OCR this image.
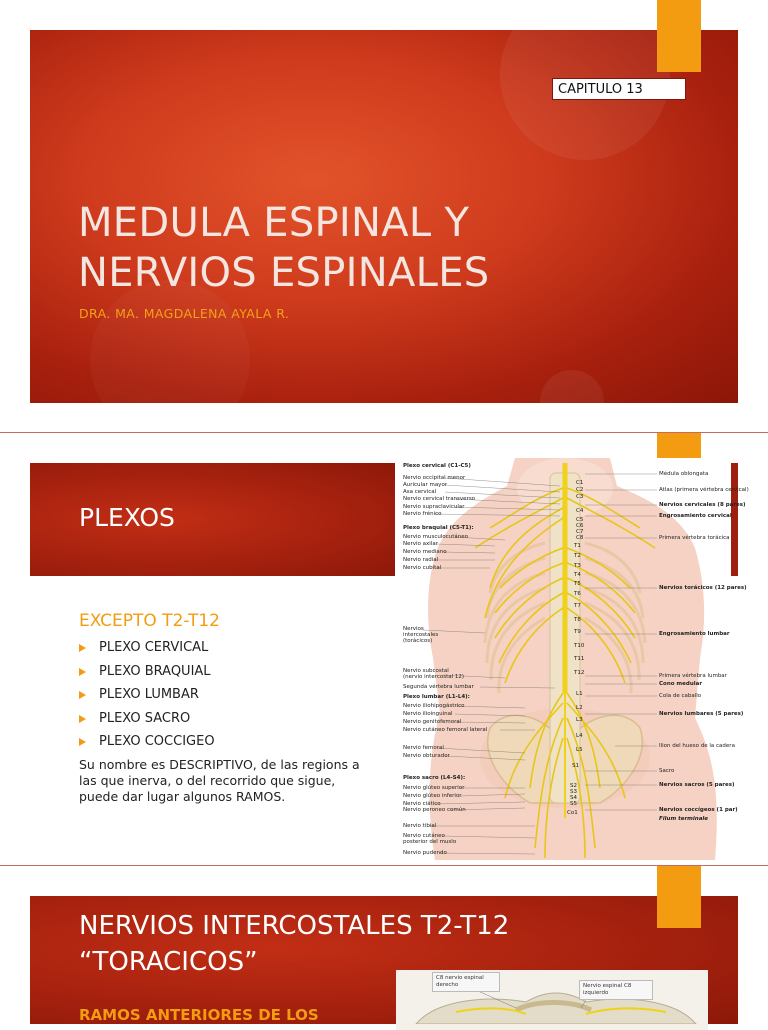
CAPITULO 13
MEDULA ESPINAL Y
NERVIOS ESPINALES
DRA. MA. MAGDALENA AYALA R.
PLEXOS
EXCEPTO T2-T12
PLEXO CERVICAL
PLEXO BRAQUIAL
PLEXO LUMBAR
PLEXO SACRO
PLEXO COCCIGEO
Su nombre es DESCRIPTIVO, de las regions a las que inerva, o del recorrido que sigue, puede dar lugar algunos RAMOS.
Plexo cervical (C1-C5)
Nervio occipital menor
Auricular mayor
Asa cervical
Nervio cervical transverso
Nervio supraclavicular
Nervio frénico
Plexo braquial (C5-T1):
Nervio musculocutáneo
Nervio axilar
Nervio mediano
Nervio radial
Nervio cubital
Nervios
intercostales
(torácicos)
Nervio subcostal
(nervio intercostal 12)
Segunda vértebra lumbar
Plexo lumbar (L1-L4):
Nervio iliohipogástrico
Nervio ilioinguinal
Nervio genitofemoral
Nervio cutáneo femoral lateral
Nervio femoral
Nervio obturador
Plexo sacro (L4-S4):
Nervio glúteo superior
Nervio glúteo inferior
Nervio ciático
Nervio peroneo común
Nervio tibial
Nervio cutáneo
posterior del muslo
Nervio pudendo
Médula oblongata
Atlas (primera vértebra cervical)
Nervios cervicales (8 pares)
Engrosamiento cervical
Primera vértebra torácica
Nervios torácicos (12 pares)
Engrosamiento lumbar
Primera vértebra lumbar
Cono medular
Cola de caballo
Nervios lumbares (5 pares)
Ilion del hueso de la cadera
Sacro
Nervios sacros (5 pares)
Nervios coccígeos (1 par)
Filum terminale
C1
C2
C3
C4
C5
C6
C7
C8
T1
T2
T3
T4
T5
T6
T7
T8
T9
T10
T11
T12
L1
L2
L3
L4
L5
S1
S2
S3
S4
S5
Co1
NERVIOS INTERCOSTALES T2-T12
“TORACICOS”
C8 nervio espinal
derecho	Nervio espinal C8
izquierdo
RAMOS ANTERIORES DE LOS
